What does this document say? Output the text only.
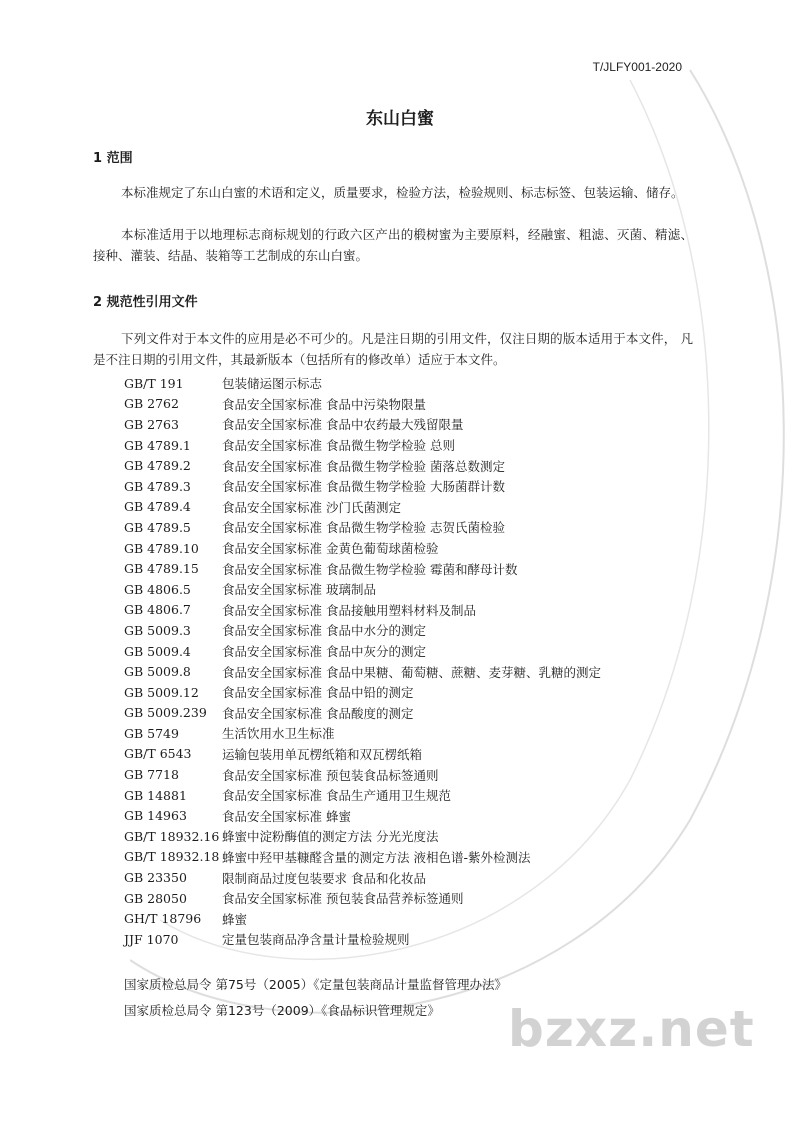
T/JLFY001-2020
东山白蜜
1 范围
本标准规定了东山白蜜的术语和定义，质量要求，检验方法，检验规则、标志标签、包装运输、储存。
本标准适用于以地理标志商标规划的行政六区产出的椴树蜜为主要原料，经融蜜、粗滤、灭菌、精滤、接种、灌装、结晶、装箱等工艺制成的东山白蜜。
2 规范性引用文件
下列文件对于本文件的应用是必不可少的。凡是注日期的引用文件，仅注日期的版本适用于本文件， 凡是不注日期的引用文件，其最新版本（包括所有的修改单）适应于本文件。
GB/T 191	包装储运图示标志
GB 2762	食品安全国家标准 食品中污染物限量
GB 2763	食品安全国家标准 食品中农药最大残留限量
GB 4789.1	食品安全国家标准 食品微生物学检验 总则
GB 4789.2	食品安全国家标准 食品微生物学检验 菌落总数测定
GB 4789.3	食品安全国家标准 食品微生物学检验 大肠菌群计数
GB 4789.4	食品安全国家标准 沙门氏菌测定
GB 4789.5	食品安全国家标准 食品微生物学检验 志贺氏菌检验
GB 4789.10	食品安全国家标准 金黄色葡萄球菌检验
GB 4789.15	食品安全国家标准 食品微生物学检验 霉菌和酵母计数
GB 4806.5	食品安全国家标准 玻璃制品
GB 4806.7	食品安全国家标准 食品接触用塑料材料及制品
GB 5009.3	食品安全国家标准 食品中水分的测定
GB 5009.4	食品安全国家标准 食品中灰分的测定
GB 5009.8	食品安全国家标准 食品中果糖、葡萄糖、蔗糖、麦芽糖、乳糖的测定
GB 5009.12	食品安全国家标准 食品中铅的测定
GB 5009.239	食品安全国家标准 食品酸度的测定
GB 5749	生活饮用水卫生标准
GB/T 6543	运输包装用单瓦楞纸箱和双瓦楞纸箱
GB 7718	食品安全国家标准 预包装食品标签通则
GB 14881	食品安全国家标准 食品生产通用卫生规范
GB 14963	食品安全国家标准 蜂蜜
GB/T 18932.16 蜂蜜中淀粉酶值的测定方法 分光光度法
GB/T 18932.18 蜂蜜中羟甲基糠醛含量的测定方法 液相色谱-紫外检测法
GB 23350	限制商品过度包装要求 食品和化妆品
GB 28050	食品安全国家标准 预包装食品营养标签通则
GH/T 18796	蜂蜜
JJF 1070	定量包装商品净含量计量检验规则
国家质检总局令 第75号（2005）《定量包装商品计量监督管理办法》
国家质检总局令 第123号（2009）《食品标识管理规定》 bzxz.net
